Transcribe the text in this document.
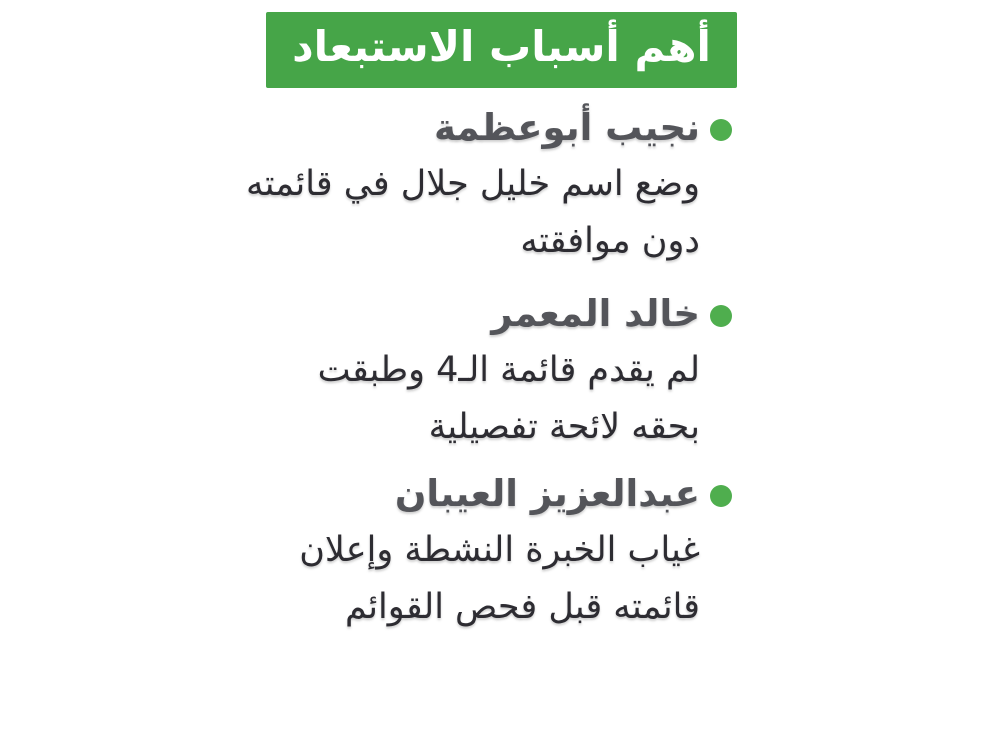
أهم أسباب الاستبعاد
نجيب أبوعظمة
وضع اسم خليل جلال في قائمته
دون موافقته
خالد المعمر
لم يقدم قائمة الـ4 وطبقت
بحقه لائحة تفصيلية
عبدالعزيز العيبان
غياب الخبرة النشطة وإعلان
قائمته قبل فحص القوائم
